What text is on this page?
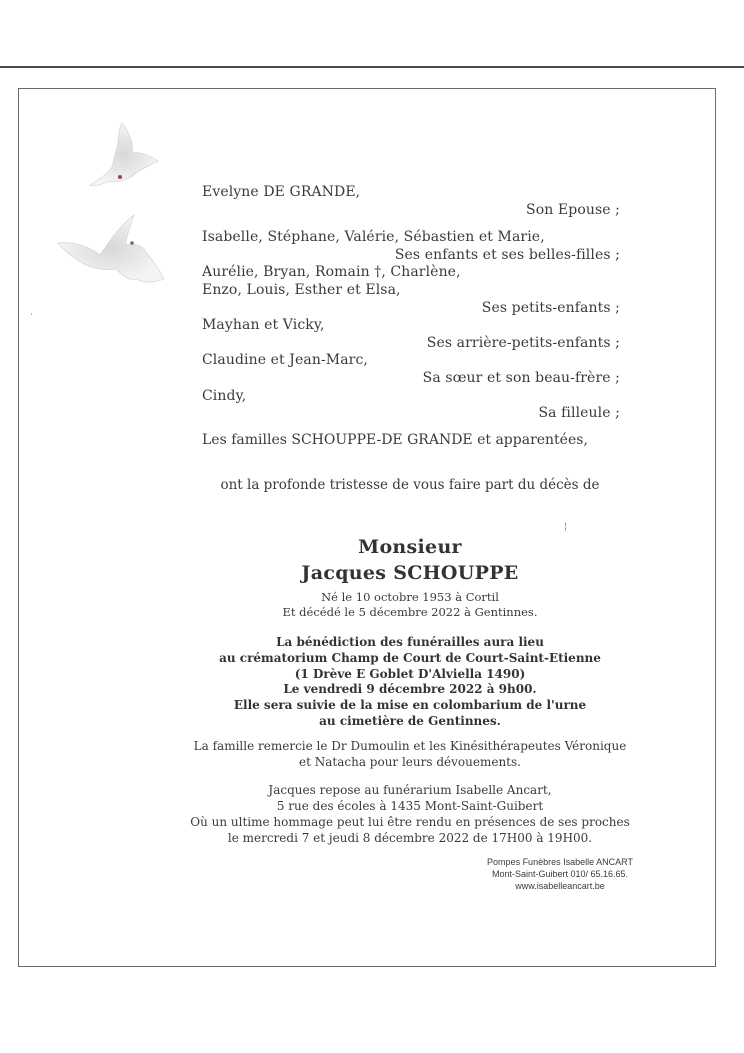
Evelyne DE GRANDE,
Son Epouse ;
Isabelle, Stéphane, Valérie, Sébastien et Marie,
Ses enfants et ses belles-filles ;
Aurélie, Bryan, Romain †, Charlène,
Enzo, Louis, Esther et Elsa,
Ses petits-enfants ;
Mayhan et Vicky,
Ses arrière-petits-enfants ;
Claudine et Jean-Marc,
Sa sœur et son beau-frère ;
Cindy,
Sa filleule ;
Les familles SCHOUPPE-DE GRANDE et apparentées,
ont la profonde tristesse de vous faire part du décès de
Monsieur
Jacques SCHOUPPE
Né le 10 octobre 1953 à Cortil
Et décédé le 5 décembre 2022 à Gentinnes.
La bénédiction des funérailles aura lieu
au crématorium Champ de Court de Court-Saint-Etienne
(1 Drève E Goblet D'Alviella 1490)
Le vendredi 9 décembre 2022 à 9h00.
Elle sera suivie de la mise en colombarium de l'urne
au cimetière de Gentinnes.
La famille remercie le Dr Dumoulin et les Kinésithérapeutes Véronique
et Natacha pour leurs dévouements.
Jacques repose au funérarium Isabelle Ancart,
5 rue des écoles à 1435 Mont-Saint-Guibert
Où un ultime hommage peut lui être rendu en présences de ses proches
le mercredi 7 et jeudi 8 décembre 2022 de 17H00 à 19H00.
Pompes Funèbres Isabelle ANCART
Mont-Saint-Guibert 010/ 65.16.65.
www.isabelleancart.be
·
¦
